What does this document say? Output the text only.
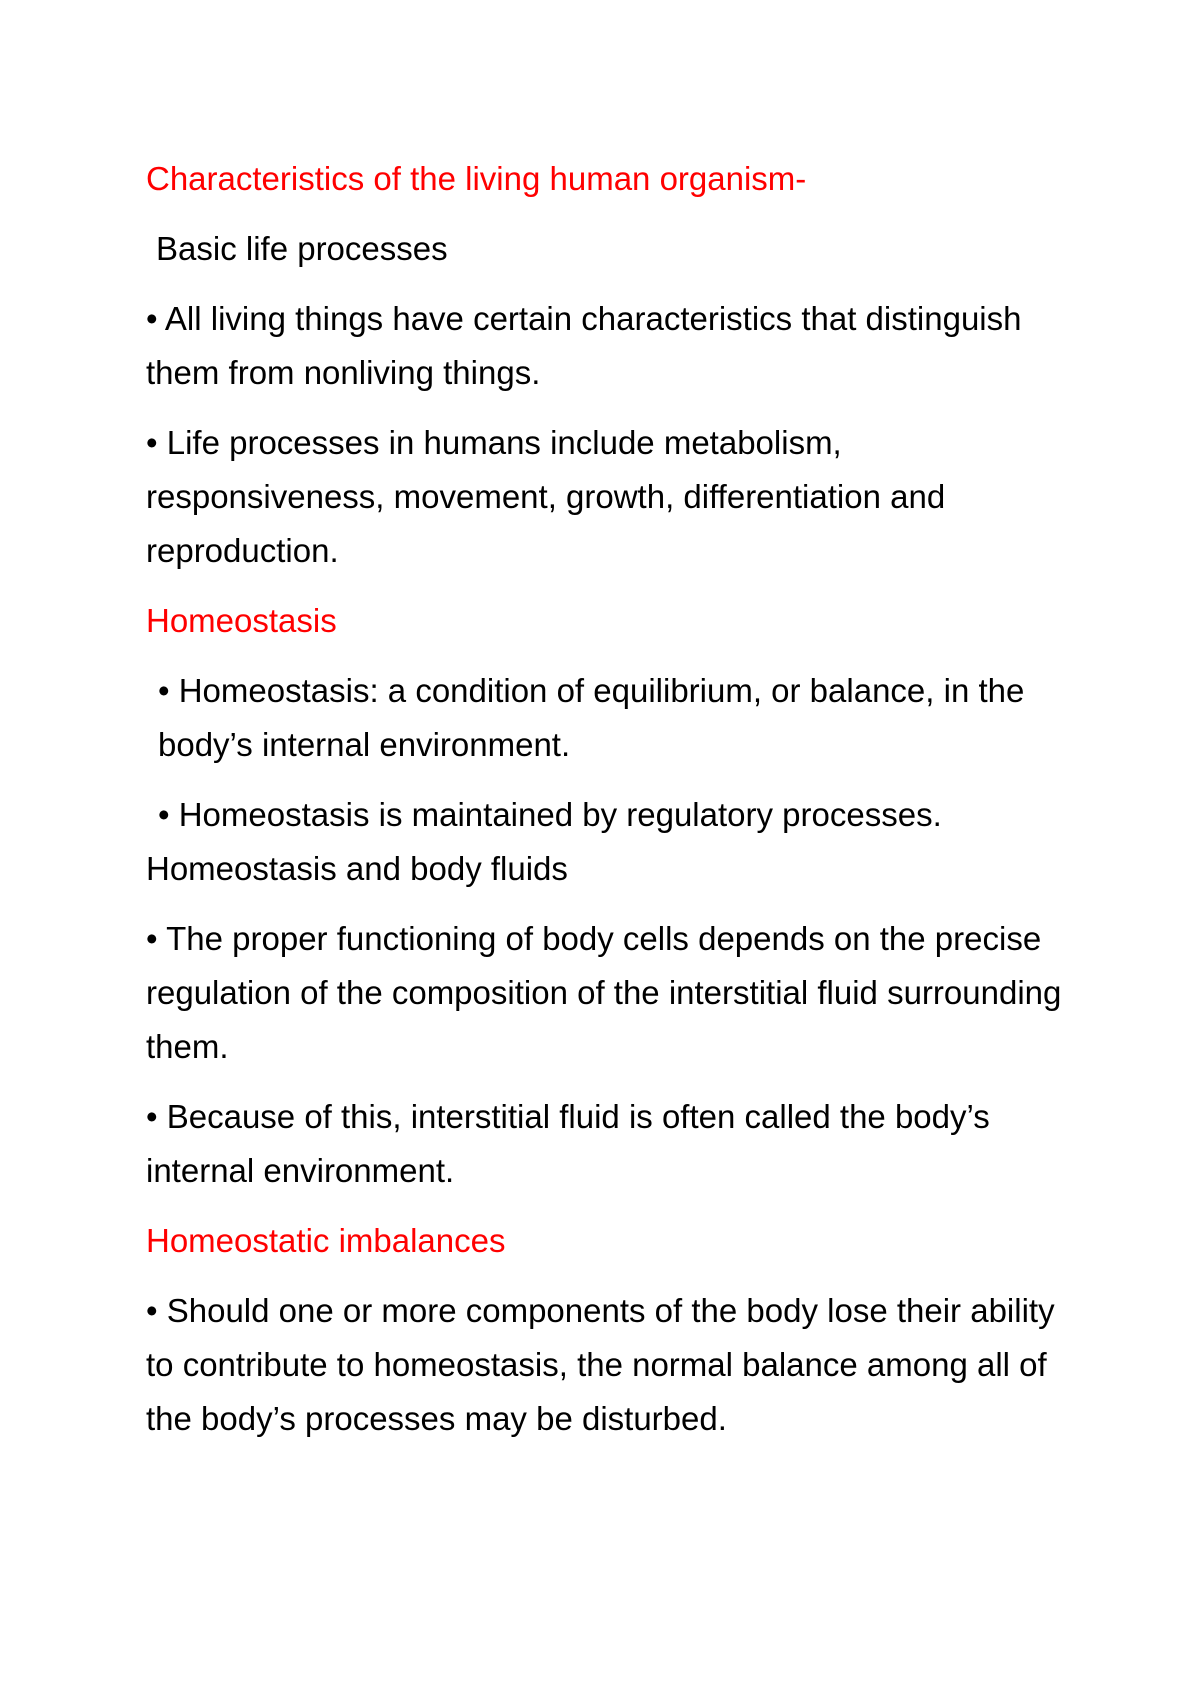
Characteristics of the living human organism-

Basic life processes

• All living things have certain characteristics that distinguish them from nonliving things.

• Life processes in humans include metabolism, responsiveness, movement, growth, differentiation and reproduction.

Homeostasis

• Homeostasis: a condition of equilibrium, or balance, in the body’s internal environment.

• Homeostasis is maintained by regulatory processes.

Homeostasis and body fluids

• The proper functioning of body cells depends on the precise regulation of the composition of the interstitial fluid surrounding them.

• Because of this, interstitial fluid is often called the body’s internal environment.

Homeostatic imbalances

• Should one or more components of the body lose their ability to contribute to homeostasis, the normal balance among all of the body’s processes may be disturbed.
